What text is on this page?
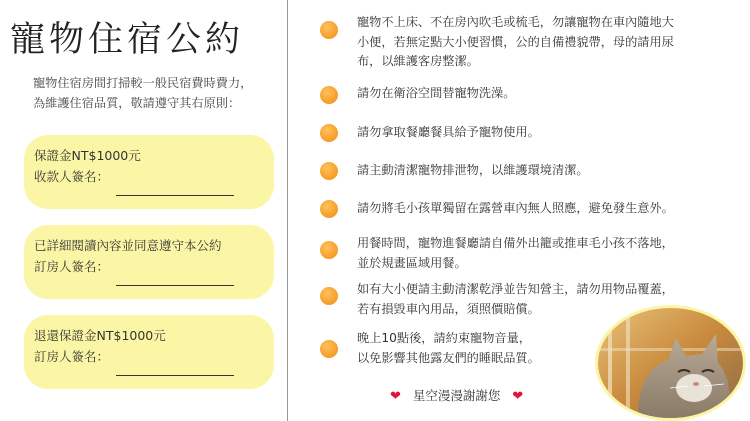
寵物住宿公約
寵物住宿房間打掃較一般民宿費時費力，
為維護住宿品質，敬請遵守其右原則：
保證金NT$1000元
收款人簽名：
已詳細閱讀內容並同意遵守本公約
訂房人簽名：
退還保證金NT$1000元
訂房人簽名：
寵物不上床、不在房內吹毛或梳毛，勿讓寵物在車內隨地大
小便，若無定點大小便習慣，公的自備禮貌帶，母的請用尿
布，以維護客房整潔。
請勿在衛浴空間替寵物洗澡。
請勿拿取餐廳餐具給予寵物使用。
請主動清潔寵物排泄物，以維護環境清潔。
請勿將毛小孩單獨留在露營車內無人照應，避免發生意外。
用餐時間，寵物進餐廳請自備外出籠或推車毛小孩不落地，
並於規畫區域用餐。
如有大小便請主動清潔乾淨並告知營主，請勿用物品覆蓋，
若有損毀車內用品，須照價賠償。
晚上10點後，請約束寵物音量，
以免影響其他露友們的睡眠品質。
❤ 星空漫漫謝謝您 ❤
